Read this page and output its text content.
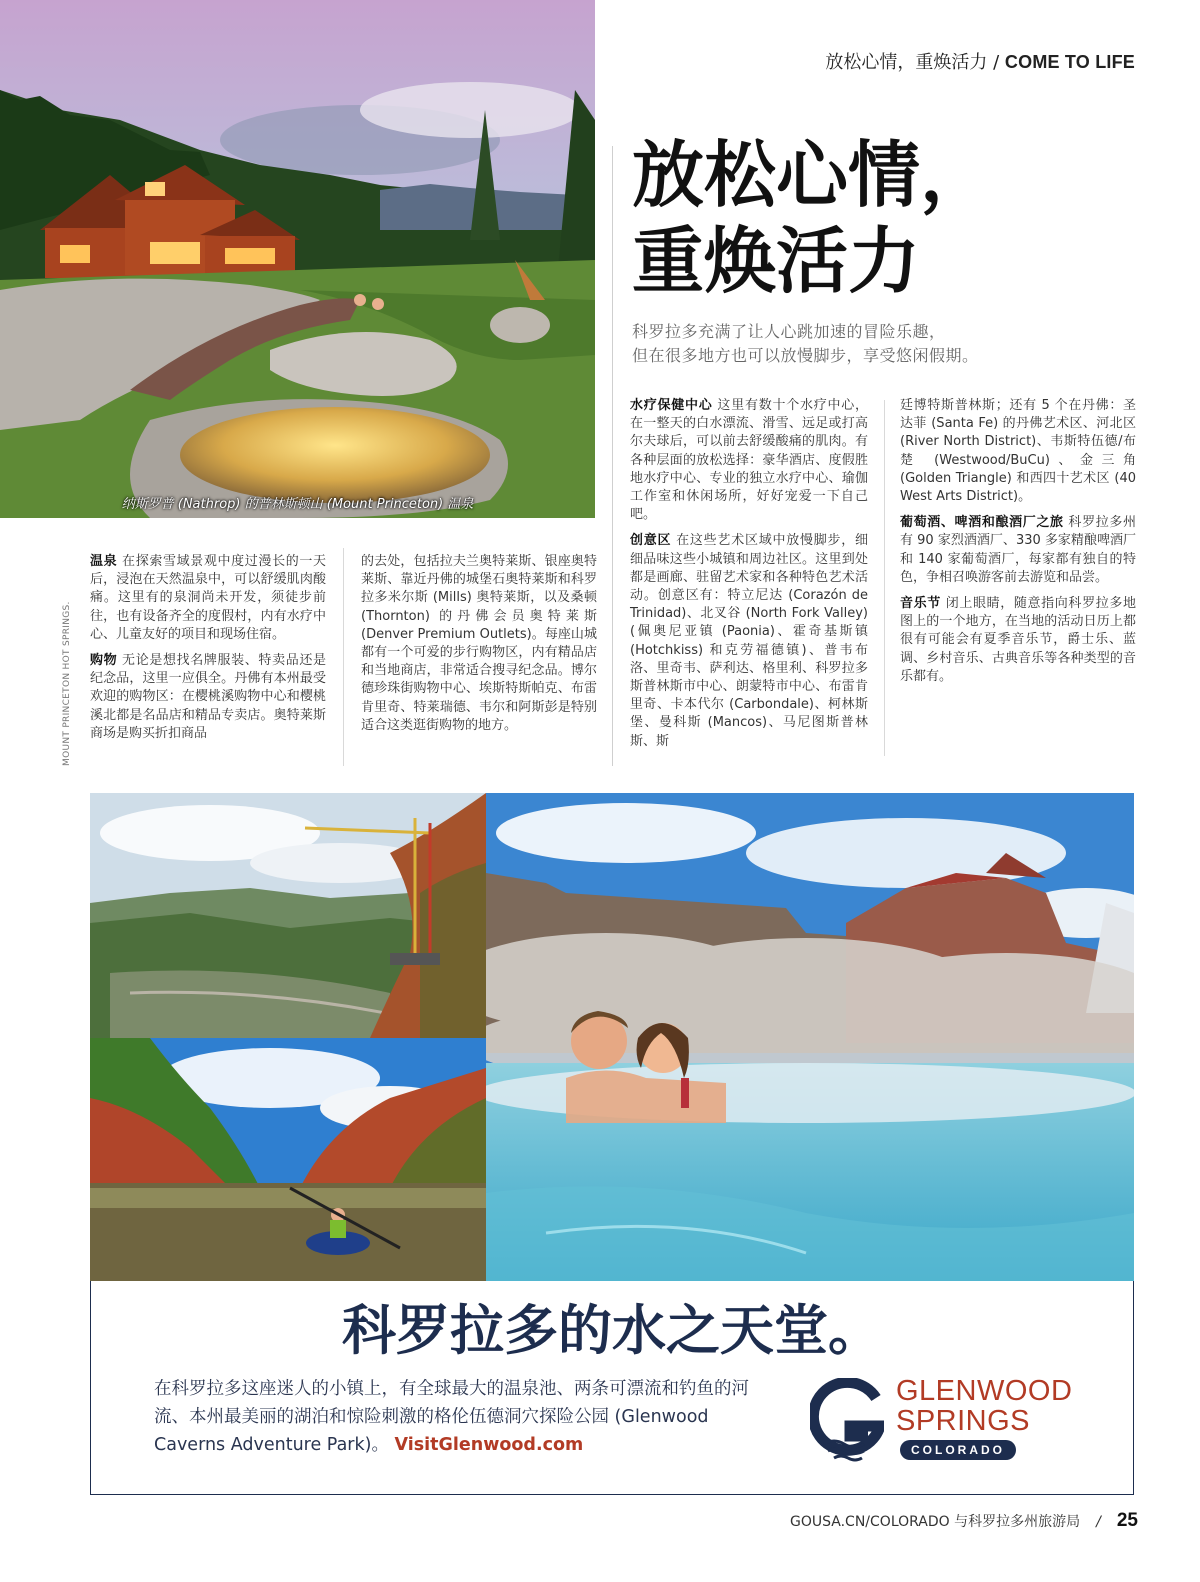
放松心情，重焕活力 / COME TO LIFE
纳斯罗普 (Nathrop) 的普林斯顿山 (Mount Princeton) 温泉
MOUNT PRINCETON HOT SPRINGS.
放松心情，
重焕活力
科罗拉多充满了让人心跳加速的冒险乐趣，
但在很多地方也可以放慢脚步，享受悠闲假期。

温泉 在探索雪域景观中度过漫长的一天后，浸泡在天然温泉中，可以舒缓肌肉酸痛。这里有的泉洞尚未开发，须徒步前往，也有设备齐全的度假村，内有水疗中心、儿童友好的项目和现场住宿。

购物 无论是想找名牌服装、特卖品还是纪念品，这里一应俱全。丹佛有本州最受欢迎的购物区：在樱桃溪购物中心和樱桃溪北都是名品店和精品专卖店。奥特莱斯商场是购买折扣商品

的去处，包括拉夫兰奥特莱斯、银座奥特莱斯、靠近丹佛的城堡石奥特莱斯和科罗拉多米尔斯 (Mills) 奥特莱斯，以及桑顿 (Thornton) 的丹佛会员奥特莱斯 (Denver Premium Outlets)。每座山城都有一个可爱的步行购物区，内有精品店和当地商店，非常适合搜寻纪念品。博尔德珍珠街购物中心、埃斯特斯帕克、布雷肯里奇、特莱瑞德、韦尔和阿斯彭是特别适合这类逛街购物的地方。

水疗保健中心 这里有数十个水疗中心，在一整天的白水漂流、滑雪、远足或打高尔夫球后，可以前去舒缓酸痛的肌肉。有各种层面的放松选择：豪华酒店、度假胜地水疗中心、专业的独立水疗中心、瑜伽工作室和休闲场所，好好宠爱一下自己吧。

创意区 在这些艺术区域中放慢脚步，细细品味这些小城镇和周边社区。这里到处都是画廊、驻留艺术家和各种特色艺术活动。创意区有：特立尼达 (Corazón de Trinidad)、北叉谷 (North Fork Valley) (佩奥尼亚镇 (Paonia)、霍奇基斯镇 (Hotchkiss) 和克劳福德镇)、普韦布洛、里奇韦、萨利达、格里利、科罗拉多斯普林斯市中心、朗蒙特市中心、布雷肯里奇、卡本代尔 (Carbondale)、柯林斯堡、曼科斯 (Mancos)、马尼图斯普林斯、斯

廷博特斯普林斯；还有 5 个在丹佛：圣达菲 (Santa Fe) 的丹佛艺术区、河北区 (River North District)、韦斯特伍德/布楚 (Westwood/BuCu)、金三角 (Golden Triangle) 和西四十艺术区 (40 West Arts District)。

葡萄酒、啤酒和酿酒厂之旅 科罗拉多州有 90 家烈酒酒厂、330 多家精酿啤酒厂和 140 家葡萄酒厂，每家都有独自的特色，争相召唤游客前去游览和品尝。

音乐节 闭上眼睛，随意指向科罗拉多地图上的一个地方，在当地的活动日历上都很有可能会有夏季音乐节，爵士乐、蓝调、乡村音乐、古典音乐等各种类型的音乐都有。

科罗拉多的水之天堂。
在科罗拉多这座迷人的小镇上，有全球最大的温泉池、两条可漂流和钓鱼的河流、本州最美丽的湖泊和惊险刺激的格伦伍德洞穴探险公园 (Glenwood Caverns Adventure Park)。 VisitGlenwood.com
GLENWOOD
SPRINGS
COLORADO
GOUSA.CN/COLORADO 与科罗拉多州旅游局 / 25
